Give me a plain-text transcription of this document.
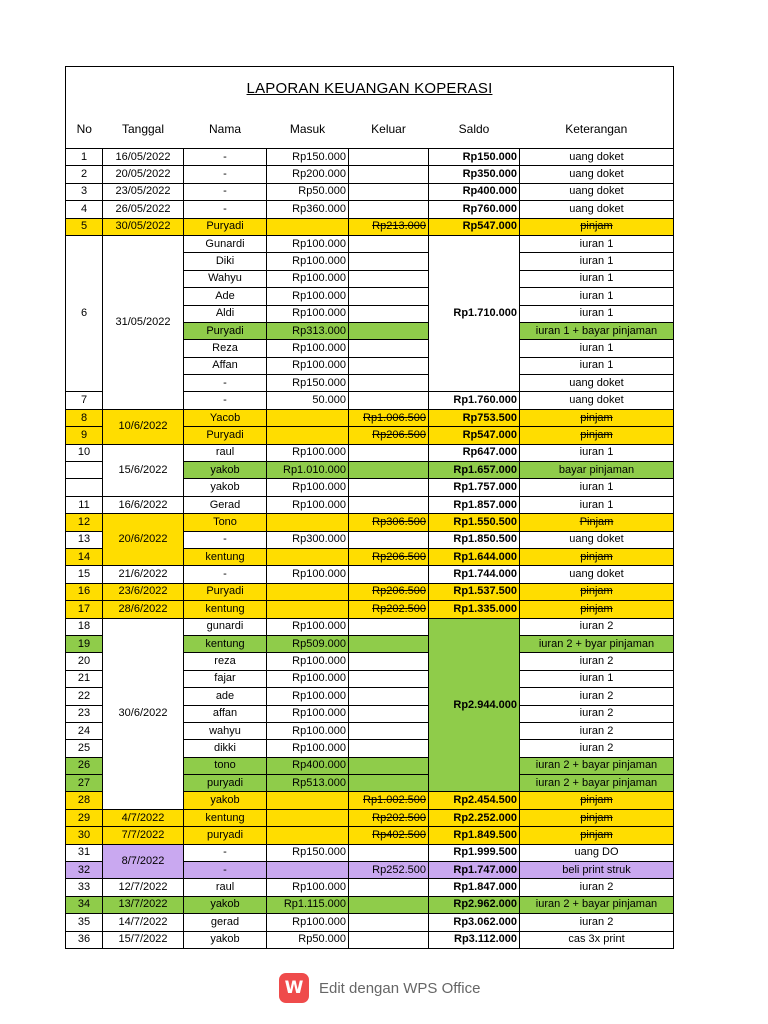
LAPORAN KEUANGAN KOPERASI						
No	Tanggal	Nama	Masuk	Keluar	Saldo	Keterangan
1	16/05/2022	-	Rp150.000		Rp150.000	uang doket
2	20/05/2022	-	Rp200.000		Rp350.000	uang doket
3	23/05/2022	-	Rp50.000		Rp400.000	uang doket
4	26/05/2022	-	Rp360.000		Rp760.000	uang doket
5	30/05/2022	Puryadi		Rp213.000	Rp547.000	pinjam
6	31/05/2022	Gunardi	Rp100.000		Rp1.710.000	iuran 1
		Diki	Rp100.000			iuran 1
		Wahyu	Rp100.000			iuran 1
		Ade	Rp100.000			iuran 1
		Aldi	Rp100.000			iuran 1
		Puryadi	Rp313.000			iuran 1 + bayar pinjaman
		Reza	Rp100.000			iuran 1
		Affan	Rp100.000			iuran 1
		-	Rp150.000			uang doket
7		-	50.000		Rp1.760.000	uang doket
8	10/6/2022	Yacob		Rp1.006.500	Rp753.500	pinjam
9		Puryadi		Rp206.500	Rp547.000	pinjam
10	15/6/2022	raul	Rp100.000		Rp647.000	iuran 1
		yakob	Rp1.010.000		Rp1.657.000	bayar pinjaman
		yakob	Rp100.000		Rp1.757.000	iuran 1
11	16/6/2022	Gerad	Rp100.000		Rp1.857.000	iuran 1
12	20/6/2022	Tono		Rp306.500	Rp1.550.500	Pinjam
13		-	Rp300.000		Rp1.850.500	uang doket
14		kentung		Rp206.500	Rp1.644.000	pinjam
15	21/6/2022	-	Rp100.000		Rp1.744.000	uang doket
16	23/6/2022	Puryadi		Rp206.500	Rp1.537.500	pinjam
17	28/6/2022	kentung		Rp202.500	Rp1.335.000	pinjam
18	30/6/2022	gunardi	Rp100.000		Rp2.944.000	iuran 2
19		kentung	Rp509.000			iuran 2 + byar pinjaman
20		reza	Rp100.000			iuran 2
21		fajar	Rp100.000			iuran 1
22		ade	Rp100.000			iuran 2
23		affan	Rp100.000			iuran 2
24		wahyu	Rp100.000			iuran 2
25		dikki	Rp100.000			iuran 2
26		tono	Rp400.000			iuran 2 + bayar pinjaman
27		puryadi	Rp513.000			iuran 2 + bayar pinjaman
28		yakob		Rp1.002.500	Rp2.454.500	pinjam
29	4/7/2022	kentung		Rp202.500	Rp2.252.000	pinjam
30	7/7/2022	puryadi		Rp402.500	Rp1.849.500	pinjam
31	8/7/2022	-	Rp150.000		Rp1.999.500	uang DO
32		-		Rp252.500	Rp1.747.000	beli print struk
33	12/7/2022	raul	Rp100.000		Rp1.847.000	iuran 2
34	13/7/2022	yakob	Rp1.115.000		Rp2.962.000	iuran 2 + bayar pinjaman
35	14/7/2022	gerad	Rp100.000		Rp3.062.000	iuran 2
36	15/7/2022	yakob	Rp50.000		Rp3.112.000	cas 3x print
W	Edit dengan WPS Office
